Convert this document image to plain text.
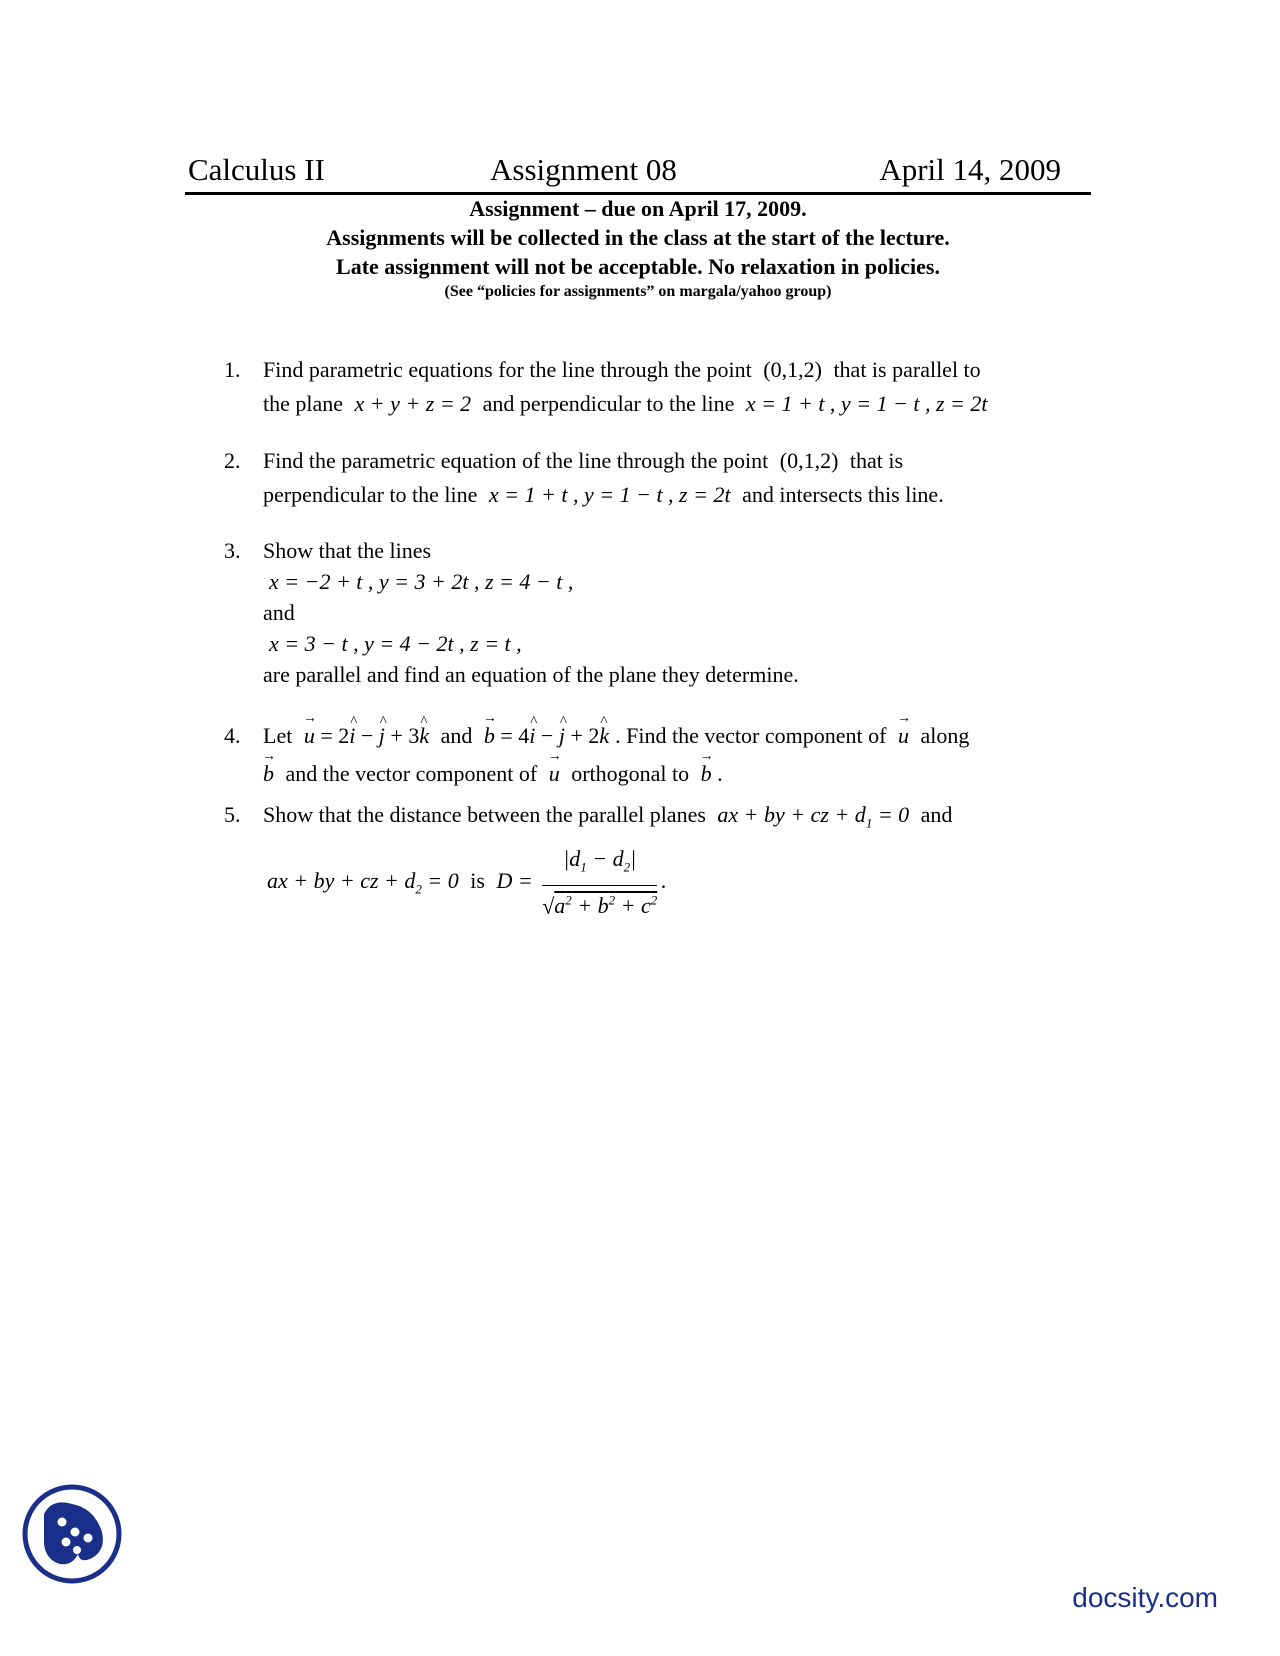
Calculus II	Assignment 08	April 14, 2009
Assignment – due on April 17, 2009.
Assignments will be collected in the class at the start of the lecture.
Late assignment will not be acceptable. No relaxation in policies.
(See “policies for assignments” on margala/yahoo group)
1. Find parametric equations for the line through the point (0,1,2) that is parallel to
the plane x + y + z = 2 and perpendicular to the line x = 1 + t , y = 1 − t , z = 2t
2. Find the parametric equation of the line through the point (0,1,2) that is
perpendicular to the line x = 1 + t , y = 1 − t , z = 2t and intersects this line.
3. Show that the lines
x = −2 + t , y = 3 + 2t , z = 4 − t ,
and
x = 3 − t , y = 4 − 2t , z = t ,
are parallel and find an equation of the plane they determine.
4. Let → u = 2^ i − ^ j + 3^ k and → b = 4^ i − ^ j + 2^ k . Find the vector component of → u along
→ b and the vector component of → u orthogonal to → b .
5. Show that the distance between the parallel planes ax + by + cz + $d_1 = 0$ and
ax + by + cz + $d_2 = 0$ is $D = \frac{|d_1 - d_2|}{√a^2 + b^2 + c^2}$ .
docsity.com
